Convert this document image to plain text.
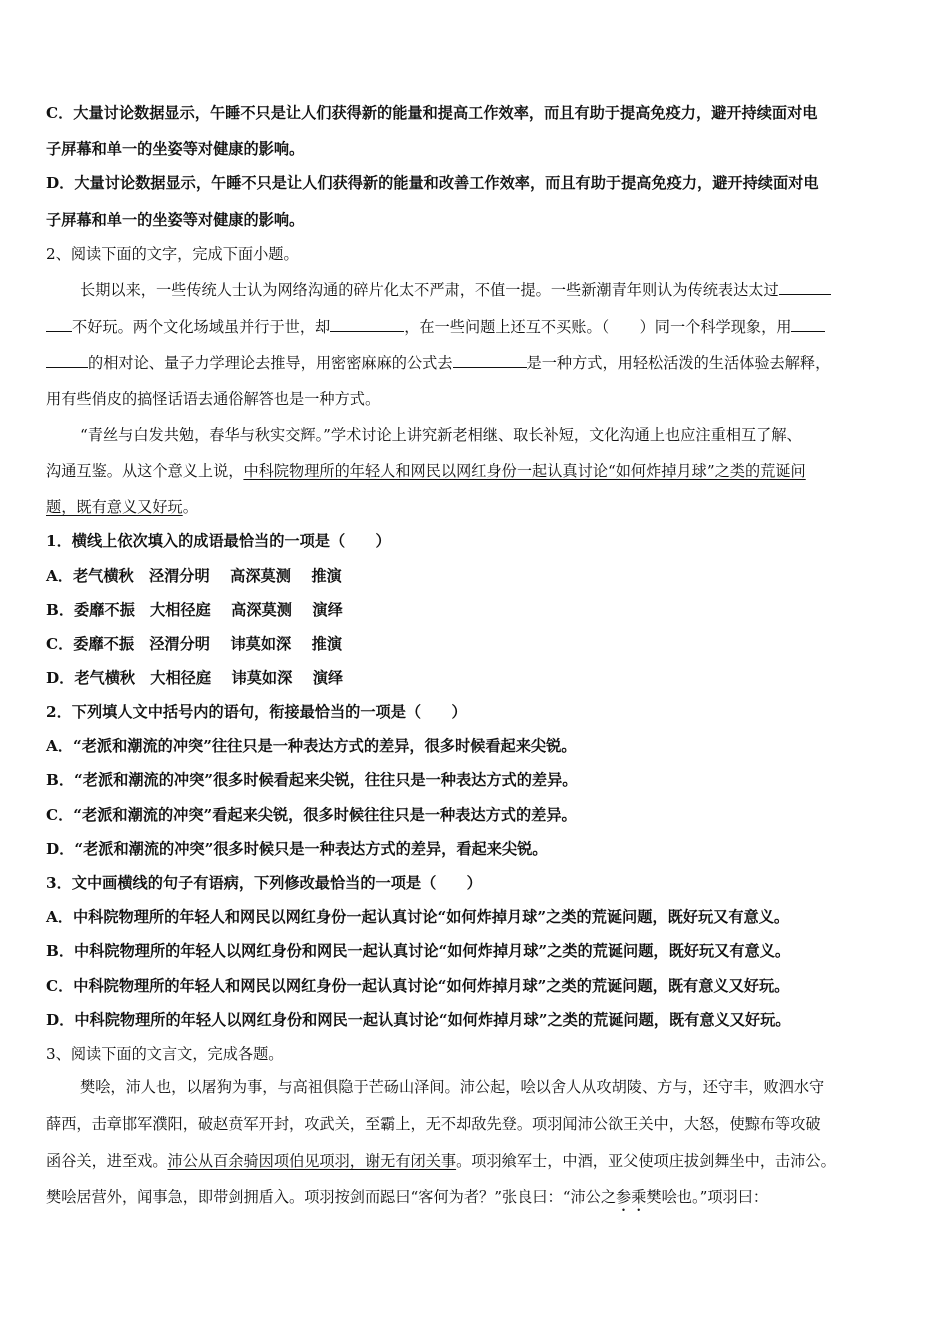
C．大量讨论数据显示，午睡不只是让人们获得新的能量和提高工作效率，而且有助于提高免疫力，避开持续面对电
子屏幕和单一的坐姿等对健康的影响。
D．大量讨论数据显示，午睡不只是让人们获得新的能量和改善工作效率，而且有助于提高免疫力，避开持续面对电
子屏幕和单一的坐姿等对健康的影响。
2、阅读下面的文字，完成下面小题。
长期以来，一些传统人士认为网络沟通的碎片化太不严肃，不值一提。一些新潮青年则认为传统表达太过
不好玩。两个文化场域虽并行于世，却	，在一些问题上还互不买账。（　　）同一个科学现象，用
的相对论、量子力学理论去推导，用密密麻麻的公式去	是一种方式，用轻松活泼的生活体验去解释，
用有些俏皮的搞怪话语去通俗解答也是一种方式。
“青丝与白发共勉，春华与秋实交辉。”学术讨论上讲究新老相继、取长补短，文化沟通上也应注重相互了解、
沟通互鉴。从这个意义上说，中科院物理所的年轻人和网民以网红身份一起认真讨论“如何炸掉月球”之类的荒诞问
题，既有意义又好玩。
1．横线上依次填入的成语最恰当的一项是（　　）
A．老气横秋　泾渭分明　 高深莫测　 推演
B．委靡不振　大相径庭　 高深莫测　 演绎
C．委靡不振　泾渭分明　 讳莫如深　 推演
D．老气横秋　大相径庭　 讳莫如深　 演绎
2．下列填人文中括号内的语句，衔接最恰当的一项是（　　）
A．“老派和潮流的冲突”往往只是一种表达方式的差异，很多时候看起来尖锐。
B．“老派和潮流的冲突”很多时候看起来尖锐，往往只是一种表达方式的差异。
C．“老派和潮流的冲突”看起来尖锐，很多时候往往只是一种表达方式的差异。
D．“老派和潮流的冲突”很多时候只是一种表达方式的差异，看起来尖锐。
3．文中画横线的句子有语病，下列修改最恰当的一项是（　　）
A．中科院物理所的年轻人和网民以网红身份一起认真讨论“如何炸掉月球”之类的荒诞问题，既好玩又有意义。
B．中科院物理所的年轻人以网红身份和网民一起认真讨论“如何炸掉月球”之类的荒诞问题，既好玩又有意义。
C．中科院物理所的年轻人和网民以网红身份一起认真讨论“如何炸掉月球”之类的荒诞问题，既有意义又好玩。
D．中科院物理所的年轻人以网红身份和网民一起认真讨论“如何炸掉月球”之类的荒诞问题，既有意义又好玩。
3、阅读下面的文言文，完成各题。
樊哙，沛人也，以屠狗为事，与高祖俱隐于芒砀山泽间。沛公起，哙以舍人从攻胡陵、方与，还守丰，败泗水守
薛西，击章邯军濮阳，破赵贲军开封，攻武关，至霸上，无不却敌先登。项羽闻沛公欲王关中，大怒，使黥布等攻破
函谷关，进至戏。沛公从百余骑因项伯见项羽，谢无有闭关事。项羽飨军士，中酒，亚父使项庄拔剑舞坐中，击沛公。
樊哙居营外，闻事急，即带剑拥盾入。项羽按剑而跽曰“客何为者？”张良曰：“沛公之参乘樊哙也。”项羽曰：
